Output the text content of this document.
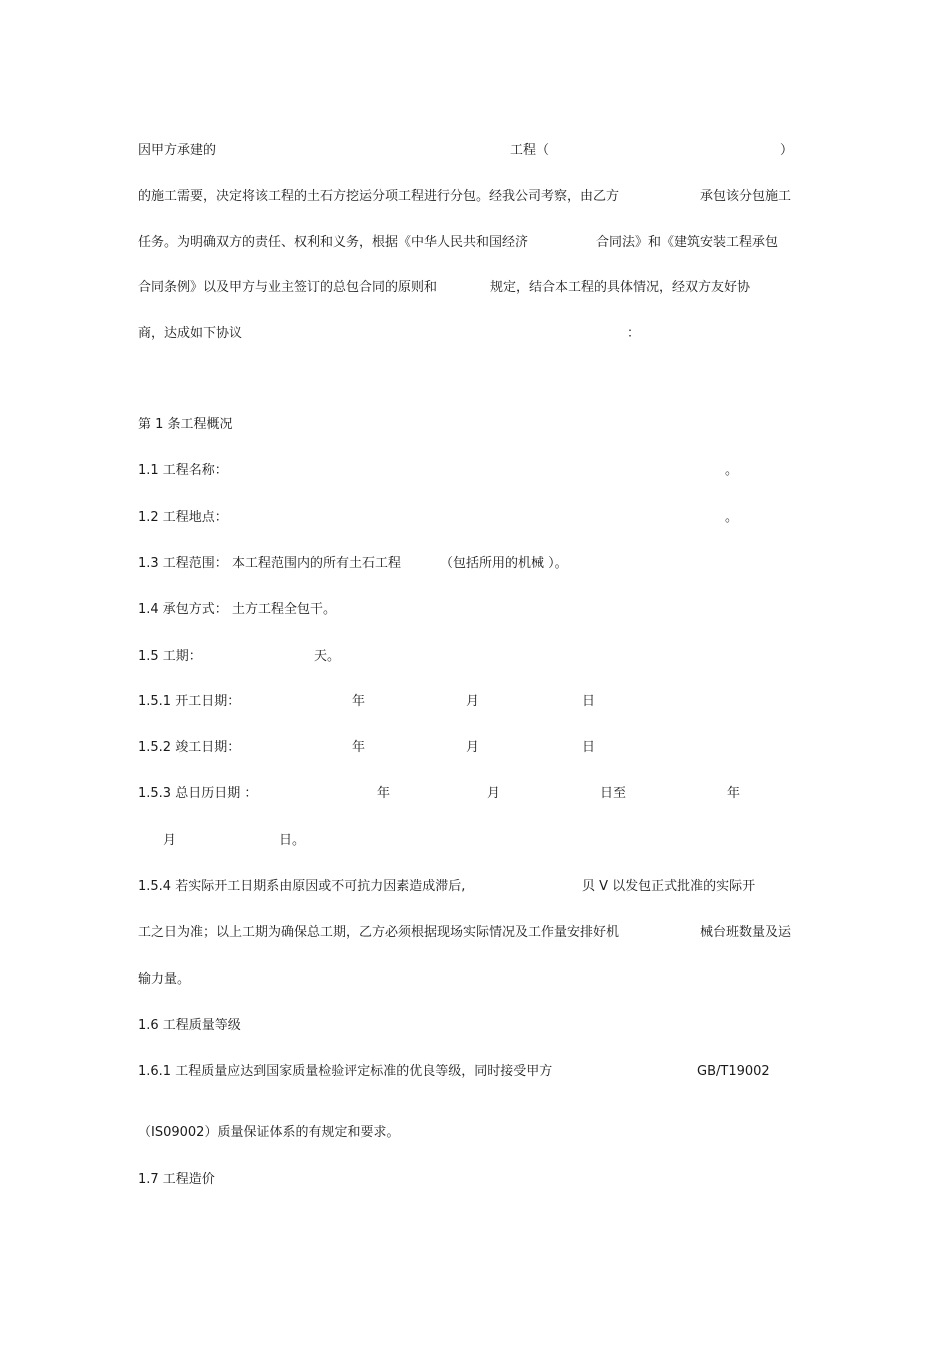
因甲方承建的	工程（	）
的施工需要，决定将该工程的土石方挖运分项工程进行分包。经我公司考察，由乙方	承包该分包施工
任务。为明确双方的责任、权利和义务，根据《中华人民共和国经济	合同法》和《建筑安装工程承包
合同条例》以及甲方与业主签订的总包合同的原则和	规定，结合本工程的具体情况，经双方友好协
商，达成如下协议	：
第 1 条工程概况
1.1 工程名称：	。
1.2 工程地点：	。
1.3 工程范围： 本工程范围内的所有土石工程	（包括所用的机械 ）。
1.4 承包方式： 土方工程全包干。
1.5 工期：	天。
1.5.1 开工日期：	年	月	日
1.5.2 竣工日期：	年	月	日
1.5.3 总日历日期 ：	年	月	日至	年
月	日。
1.5.4 若实际开工日期系由原因或不可抗力因素造成滞后,	贝 V 以发包正式批准的实际开
工之日为准；以上工期为确保总工期，乙方必须根据现场实际情况及工作量安排好机	械台班数量及运
输力量。
1.6 工程质量等级
1.6.1 工程质量应达到国家质量检验评定标准的优良等级，同时接受甲方	GB/T19002
（IS09002）质量保证体系的有规定和要求。
1.7 工程造价
